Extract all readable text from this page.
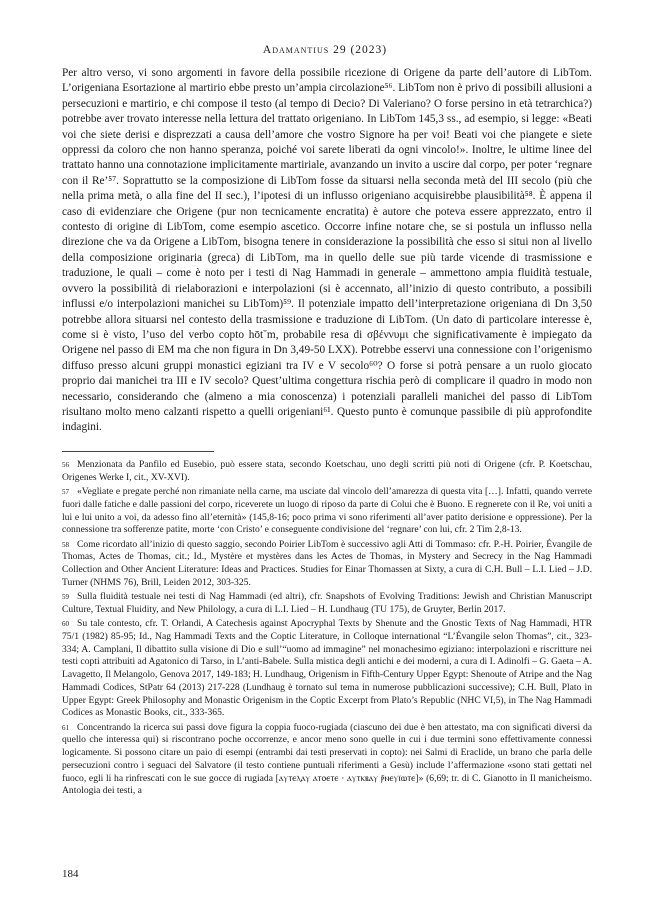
Adamantius 29 (2023)

Per altro verso, vi sono argomenti in favore della possibile ricezione di Origene da parte dell’autore di LibTom. L’origeniana Esortazione al martirio ebbe presto un’ampia circolazione⁵⁶. LibTom non è privo di possibili allusioni a persecuzioni e martirio, e chi compose il testo (al tempo di Decio? Di Valeriano? O forse persino in età tetrarchica?) potrebbe aver trovato interesse nella lettura del trattato origeniano. In LibTom 145,3 ss., ad esempio, si legge: «Beati voi che siete derisi e disprezzati a causa dell’amore che vostro Signore ha per voi! Beati voi che piangete e siete oppressi da coloro che non hanno speranza, poiché voi sarete liberati da ogni vincolo!». Inoltre, le ultime linee del trattato hanno una connotazione implicitamente martiriale, avanzando un invito a uscire dal corpo, per poter ‘regnare con il Re’⁵⁷. Soprattutto se la composizione di LibTom fosse da situarsi nella seconda metà del III secolo (più che nella prima metà, o alla fine del II sec.), l’ipotesi di un influsso origeniano acquisirebbe plausibilità⁵⁸. È appena il caso di evidenziare che Origene (pur non tecnicamente encratita) è autore che poteva essere apprezzato, entro il contesto di origine di LibTom, come esempio ascetico. Occorre infine notare che, se si postula un influsso nella direzione che va da Origene a LibTom, bisogna tenere in considerazione la possibilità che esso si situi non al livello della composizione originaria (greca) di LibTom, ma in quello delle sue più tarde vicende di trasmissione e traduzione, le quali – come è noto per i testi di Nag Hammadi in generale – ammettono ampia fluidità testuale, ovvero la possibilità di rielaborazioni e interpolazioni (si è accennato, all’inizio di questo contributo, a possibili influssi e/o interpolazioni manichei su LibTom)⁵⁹. Il potenziale impatto dell’interpretazione origeniana di Dn 3,50 potrebbe allora situarsi nel contesto della trasmissione e traduzione di LibTom. (Un dato di particolare interesse è, come si è visto, l’uso del verbo copto hōt˘m, probabile resa di σβέννυμι che significativamente è impiegato da Origene nel passo di EM ma che non figura in Dn 3,49-50 LXX). Potrebbe esservi una connessione con l’origenismo diffuso presso alcuni gruppi monastici egiziani tra IV e V secolo⁶⁰? O forse si potrà pensare a un ruolo giocato proprio dai manichei tra III e IV secolo? Quest’ultima congettura rischia però di complicare il quadro in modo non necessario, considerando che (almeno a mia conoscenza) i potenziali paralleli manichei del passo di LibTom risultano molto meno calzanti rispetto a quelli origeniani⁶¹. Questo punto è comunque passibile di più approfondite indagini.

$^{56}$ Menzionata da Panfilo ed Eusebio, può essere stata, secondo Koetschau, uno degli scritti più noti di Origene (cfr. P. Koetschau, Origenes Werke I, cit., XV-XVI).

$^{57}$ «Vegliate e pregate perché non rimaniate nella carne, ma usciate dal vincolo dell’amarezza di questa vita […]. Infatti, quando verrete fuori dalle fatiche e dalle passioni del corpo, riceverete un luogo di riposo da parte di Colui che è Buono. E regnerete con il Re, voi uniti a lui e lui unito a voi, da adesso fino all’eternità» (145,8-16; poco prima vi sono riferimenti all’aver patito derisione e oppressione). Per la connessione tra sofferenze patite, morte ‘con Cristo’ e conseguente condivisione del ‘regnare’ con lui, cfr. 2 Tim 2,8-13.

$^{58}$ Come ricordato all’inizio di questo saggio, secondo Poirier LibTom è successivo agli Atti di Tommaso: cfr. P.-H. Poirier, Évangile de Thomas, Actes de Thomas, cit.; Id., Mystère et mystères dans les Actes de Thomas, in Mystery and Secrecy in the Nag Hammadi Collection and Other Ancient Literature: Ideas and Practices. Studies for Einar Thomassen at Sixty, a cura di C.H. Bull – L.I. Lied – J.D. Turner (NHMS 76), Brill, Leiden 2012, 303-325.

$^{59}$ Sulla fluidità testuale nei testi di Nag Hammadi (ed altri), cfr. Snapshots of Evolving Traditions: Jewish and Christian Manuscript Culture, Textual Fluidity, and New Philology, a cura di L.I. Lied – H. Lundhaug (TU 175), de Gruyter, Berlin 2017.

$^{60}$ Su tale contesto, cfr. T. Orlandi, A Catechesis against Apocryphal Texts by Shenute and the Gnostic Texts of Nag Hammadi, HTR 75/1 (1982) 85-95; Id., Nag Hammadi Texts and the Coptic Literature, in Colloque international “L’Évangile selon Thomas”, cit., 323-334; A. Camplani, Il dibattito sulla visione di Dio e sull’“uomo ad immagine” nel monachesimo egiziano: interpolazioni e riscritture nei testi copti attribuiti ad Agatonico di Tarso, in L’anti-Babele. Sulla mistica degli antichi e dei moderni, a cura di I. Adinolfi – G. Gaeta – A. Lavagetto, Il Melangolo, Genova 2017, 149-183; H. Lundhaug, Origenism in Fifth-Century Upper Egypt: Shenoute of Atripe and the Nag Hammadi Codices, StPatr 64 (2013) 217-228 (Lundhaug è tornato sul tema in numerose pubblicazioni successive); C.H. Bull, Plato in Upper Egypt: Greek Philosophy and Monastic Origenism in the Coptic Excerpt from Plato’s Republic (NHC VI,5), in The Nag Hammadi Codices as Monastic Books, cit., 333-365.

$^{61}$ Concentrando la ricerca sui passi dove figura la coppia fuoco-rugiada (ciascuno dei due è ben attestato, ma con significati diversi da quello che interessa qui) si riscontrano poche occorrenze, e ancor meno sono quelle in cui i due termini sono effettivamente connessi logicamente. Si possono citare un paio di esempi (entrambi dai testi preservati in copto): nei Salmi di Eraclide, un brano che parla delle persecuzioni contro i seguaci del Salvatore (il testo contiene puntuali riferimenti a Gesù) include l’affermazione «sono stati gettati nel fuoco, egli li ha rinfrescati con le sue gocce di rugiada [ⲁⲩⲧⲉⲗⲁⲩ ⲁⲧⲟⲉⲧⲉ · ⲁⲩⲧⲕⲃⲁⲩ ⲣ̄ⲛⲉⲩⲓ̈ⲱⲧⲉ]» (6,69; tr. di C. Gianotto in Il manicheismo. Antologia dei testi, a

184
